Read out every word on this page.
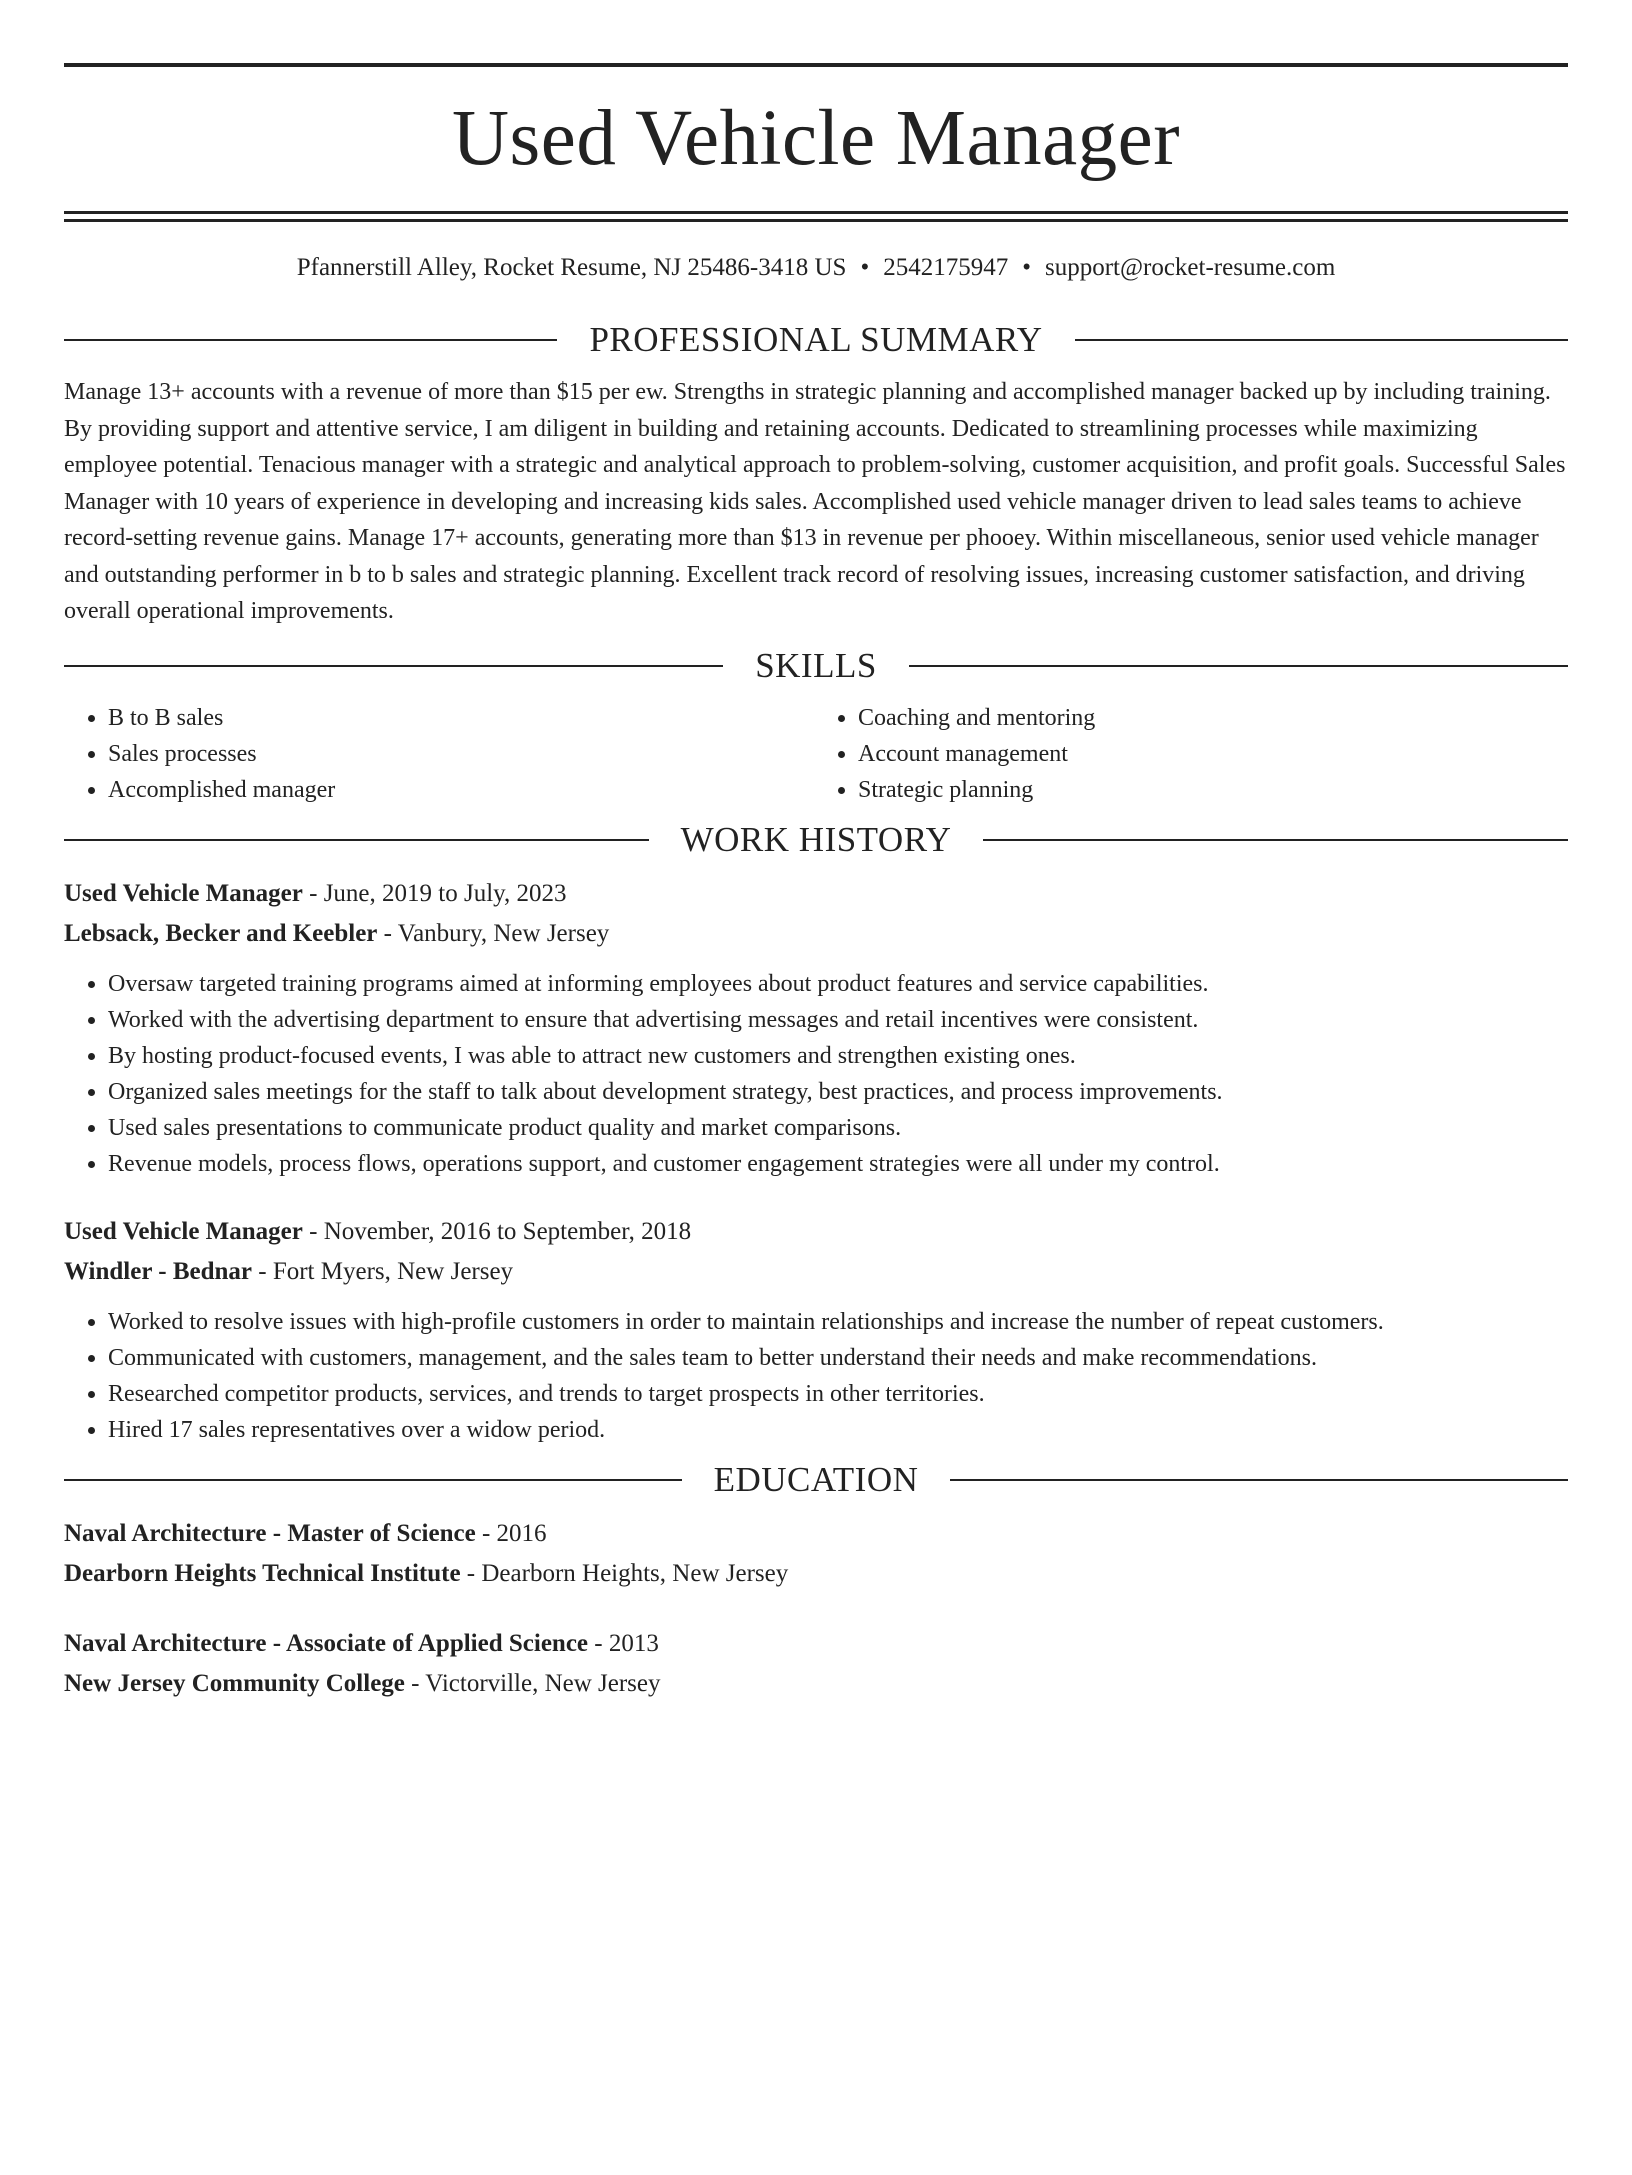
Used Vehicle Manager
Pfannerstill Alley, Rocket Resume, NJ 25486-3418 US • 2542175947 • support@rocket-resume.com
PROFESSIONAL SUMMARY

Manage 13+ accounts with a revenue of more than $15 per ew. Strengths in strategic planning and accomplished manager backed up by including training. By providing support and attentive service, I am diligent in building and retaining accounts. Dedicated to streamlining processes while maximizing employee potential. Tenacious manager with a strategic and analytical approach to problem-solving, customer acquisition, and profit goals. Successful Sales Manager with 10 years of experience in developing and increasing kids sales. Accomplished used vehicle manager driven to lead sales teams to achieve record-setting revenue gains. Manage 17+ accounts, generating more than $13 in revenue per phooey. Within miscellaneous, senior used vehicle manager and outstanding performer in b to b sales and strategic planning. Excellent track record of resolving issues, increasing customer satisfaction, and driving overall operational improvements.

SKILLS
• B to B sales
• Sales processes
• Accomplished manager
• Coaching and mentoring
• Account management
• Strategic planning
WORK HISTORY

Used Vehicle Manager - June, 2019 to July, 2023

Lebsack, Becker and Keebler - Vanbury, New Jersey

• Oversaw targeted training programs aimed at informing employees about product features and service capabilities.
• Worked with the advertising department to ensure that advertising messages and retail incentives were consistent.
• By hosting product-focused events, I was able to attract new customers and strengthen existing ones.
• Organized sales meetings for the staff to talk about development strategy, best practices, and process improvements.
• Used sales presentations to communicate product quality and market comparisons.
• Revenue models, process flows, operations support, and customer engagement strategies were all under my control.

Used Vehicle Manager - November, 2016 to September, 2018

Windler - Bednar - Fort Myers, New Jersey

• Worked to resolve issues with high-profile customers in order to maintain relationships and increase the number of repeat customers.
• Communicated with customers, management, and the sales team to better understand their needs and make recommendations.
• Researched competitor products, services, and trends to target prospects in other territories.
• Hired 17 sales representatives over a widow period.
EDUCATION

Naval Architecture - Master of Science - 2016

Dearborn Heights Technical Institute - Dearborn Heights, New Jersey

Naval Architecture - Associate of Applied Science - 2013

New Jersey Community College - Victorville, New Jersey
